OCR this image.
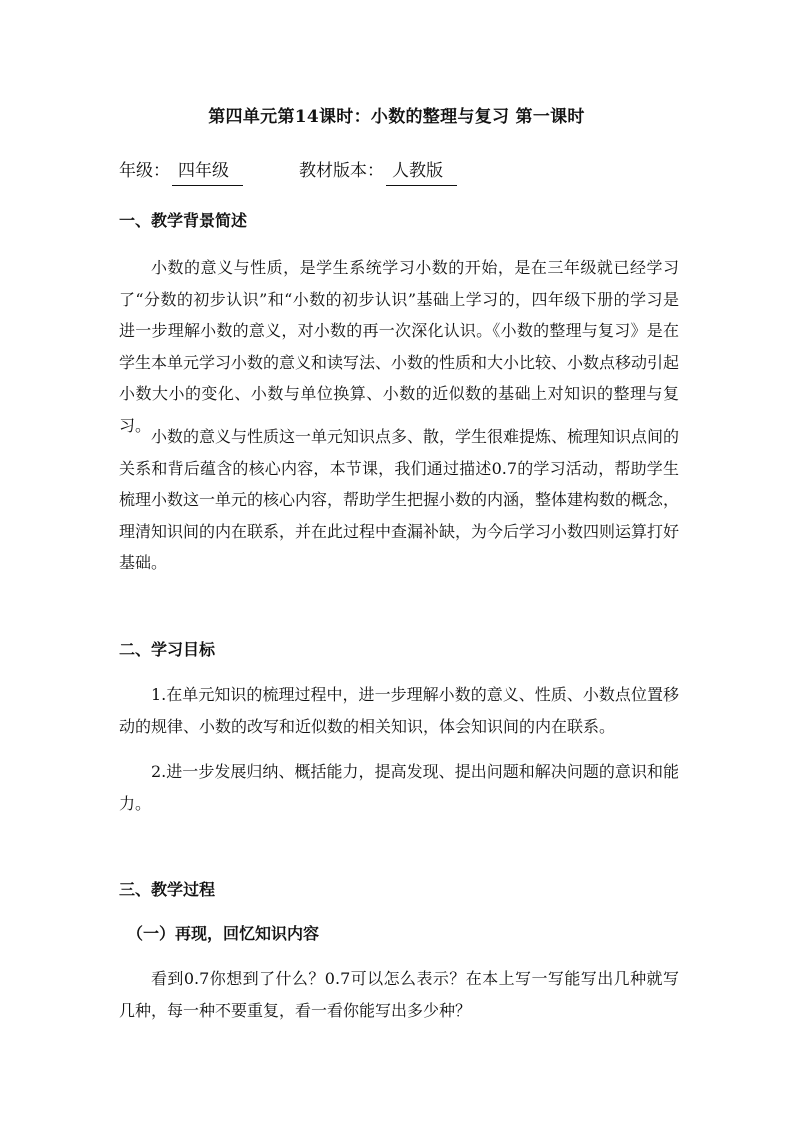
第四单元第14课时：小数的整理与复习 第一课时
年级： 四年级	教材版本： 人教版
一、教学背景简述
小数的意义与性质，是学生系统学习小数的开始，是在三年级就已经学习了“分数的初步认识”和“小数的初步认识”基础上学习的，四年级下册的学习是进一步理解小数的意义，对小数的再一次深化认识。《小数的整理与复习》是在学生本单元学习小数的意义和读写法、小数的性质和大小比较、小数点移动引起小数大小的变化、小数与单位换算、小数的近似数的基础上对知识的整理与复习。
小数的意义与性质这一单元知识点多、散，学生很难提炼、梳理知识点间的关系和背后蕴含的核心内容，本节课，我们通过描述0.7的学习活动，帮助学生梳理小数这一单元的核心内容，帮助学生把握小数的内涵，整体建构数的概念，理清知识间的内在联系，并在此过程中查漏补缺，为今后学习小数四则运算打好基础。
二、学习目标
1.在单元知识的梳理过程中，进一步理解小数的意义、性质、小数点位置移动的规律、小数的改写和近似数的相关知识，体会知识间的内在联系。
2.进一步发展归纳、概括能力，提高发现、提出问题和解决问题的意识和能力。
三、教学过程
（一）再现，回忆知识内容
看到0.7你想到了什么？0.7可以怎么表示？在本上写一写能写出几种就写几种，每一种不要重复，看一看你能写出多少种？
